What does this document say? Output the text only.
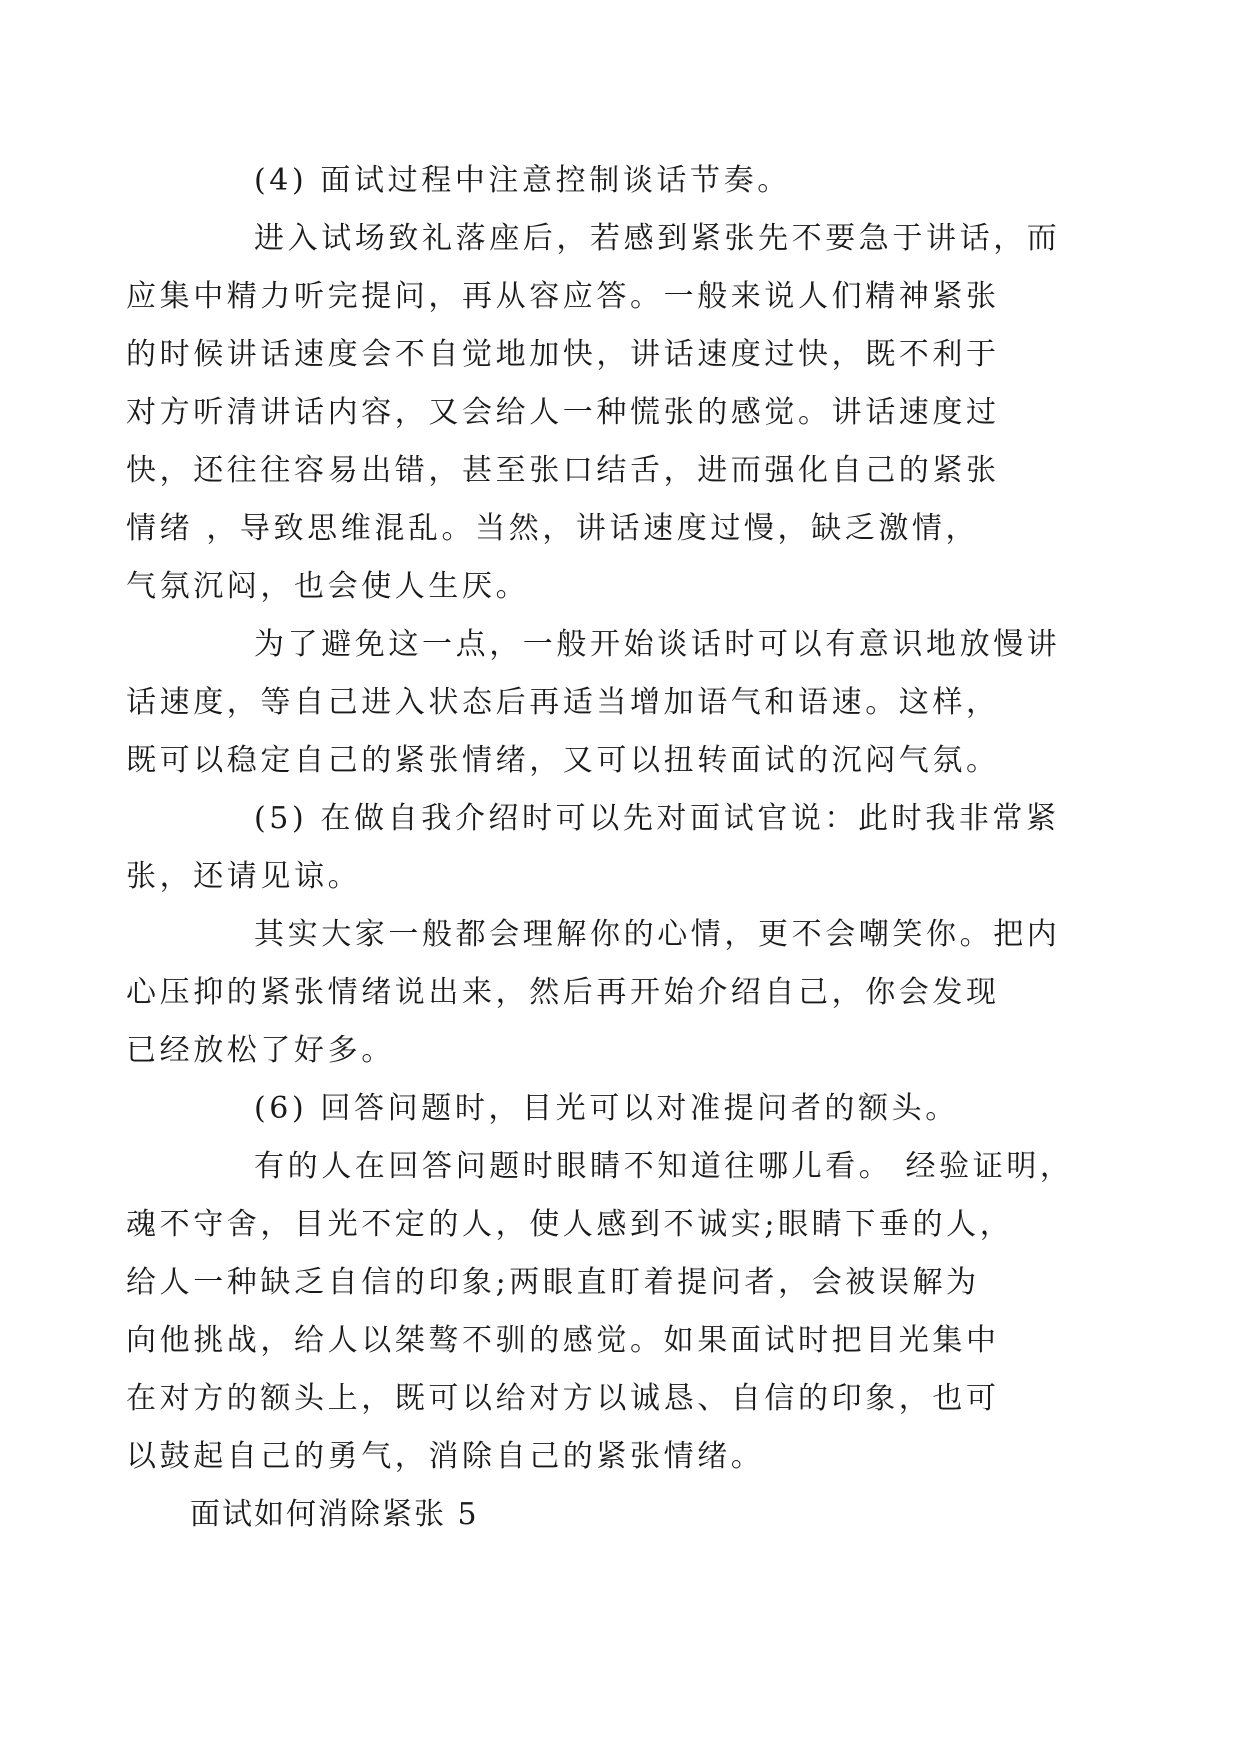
(4) 面试过程中注意控制谈话节奏。

进入试场致礼落座后，若感到紧张先不要急于讲话，而
应集中精力听完提问，再从容应答。一般来说人们精神紧张
的时候讲话速度会不自觉地加快，讲话速度过快，既不利于
对方听清讲话内容，又会给人一种慌张的感觉。讲话速度过
快，还往往容易出错，甚至张口结舌，进而强化自己的紧张
情绪 ，导致思维混乱。当然，讲话速度过慢，缺乏激情，
气氛沉闷，也会使人生厌。

为了避免这一点，一般开始谈话时可以有意识地放慢讲
话速度，等自己进入状态后再适当增加语气和语速。这样，
既可以稳定自己的紧张情绪，又可以扭转面试的沉闷气氛。

(5) 在做自我介绍时可以先对面试官说：此时我非常紧
张，还请见谅。

其实大家一般都会理解你的心情，更不会嘲笑你。把内
心压抑的紧张情绪说出来，然后再开始介绍自己，你会发现
已经放松了好多。

(6) 回答问题时，目光可以对准提问者的额头。

有的人在回答问题时眼睛不知道往哪儿看。 经验证明，
魂不守舍，目光不定的人，使人感到不诚实;眼睛下垂的人，
给人一种缺乏自信的印象;两眼直盯着提问者，会被误解为
向他挑战，给人以桀骜不驯的感觉。如果面试时把目光集中
在对方的额头上，既可以给对方以诚恳、自信的印象，也可
以鼓起自己的勇气，消除自己的紧张情绪。

面试如何消除紧张 5
